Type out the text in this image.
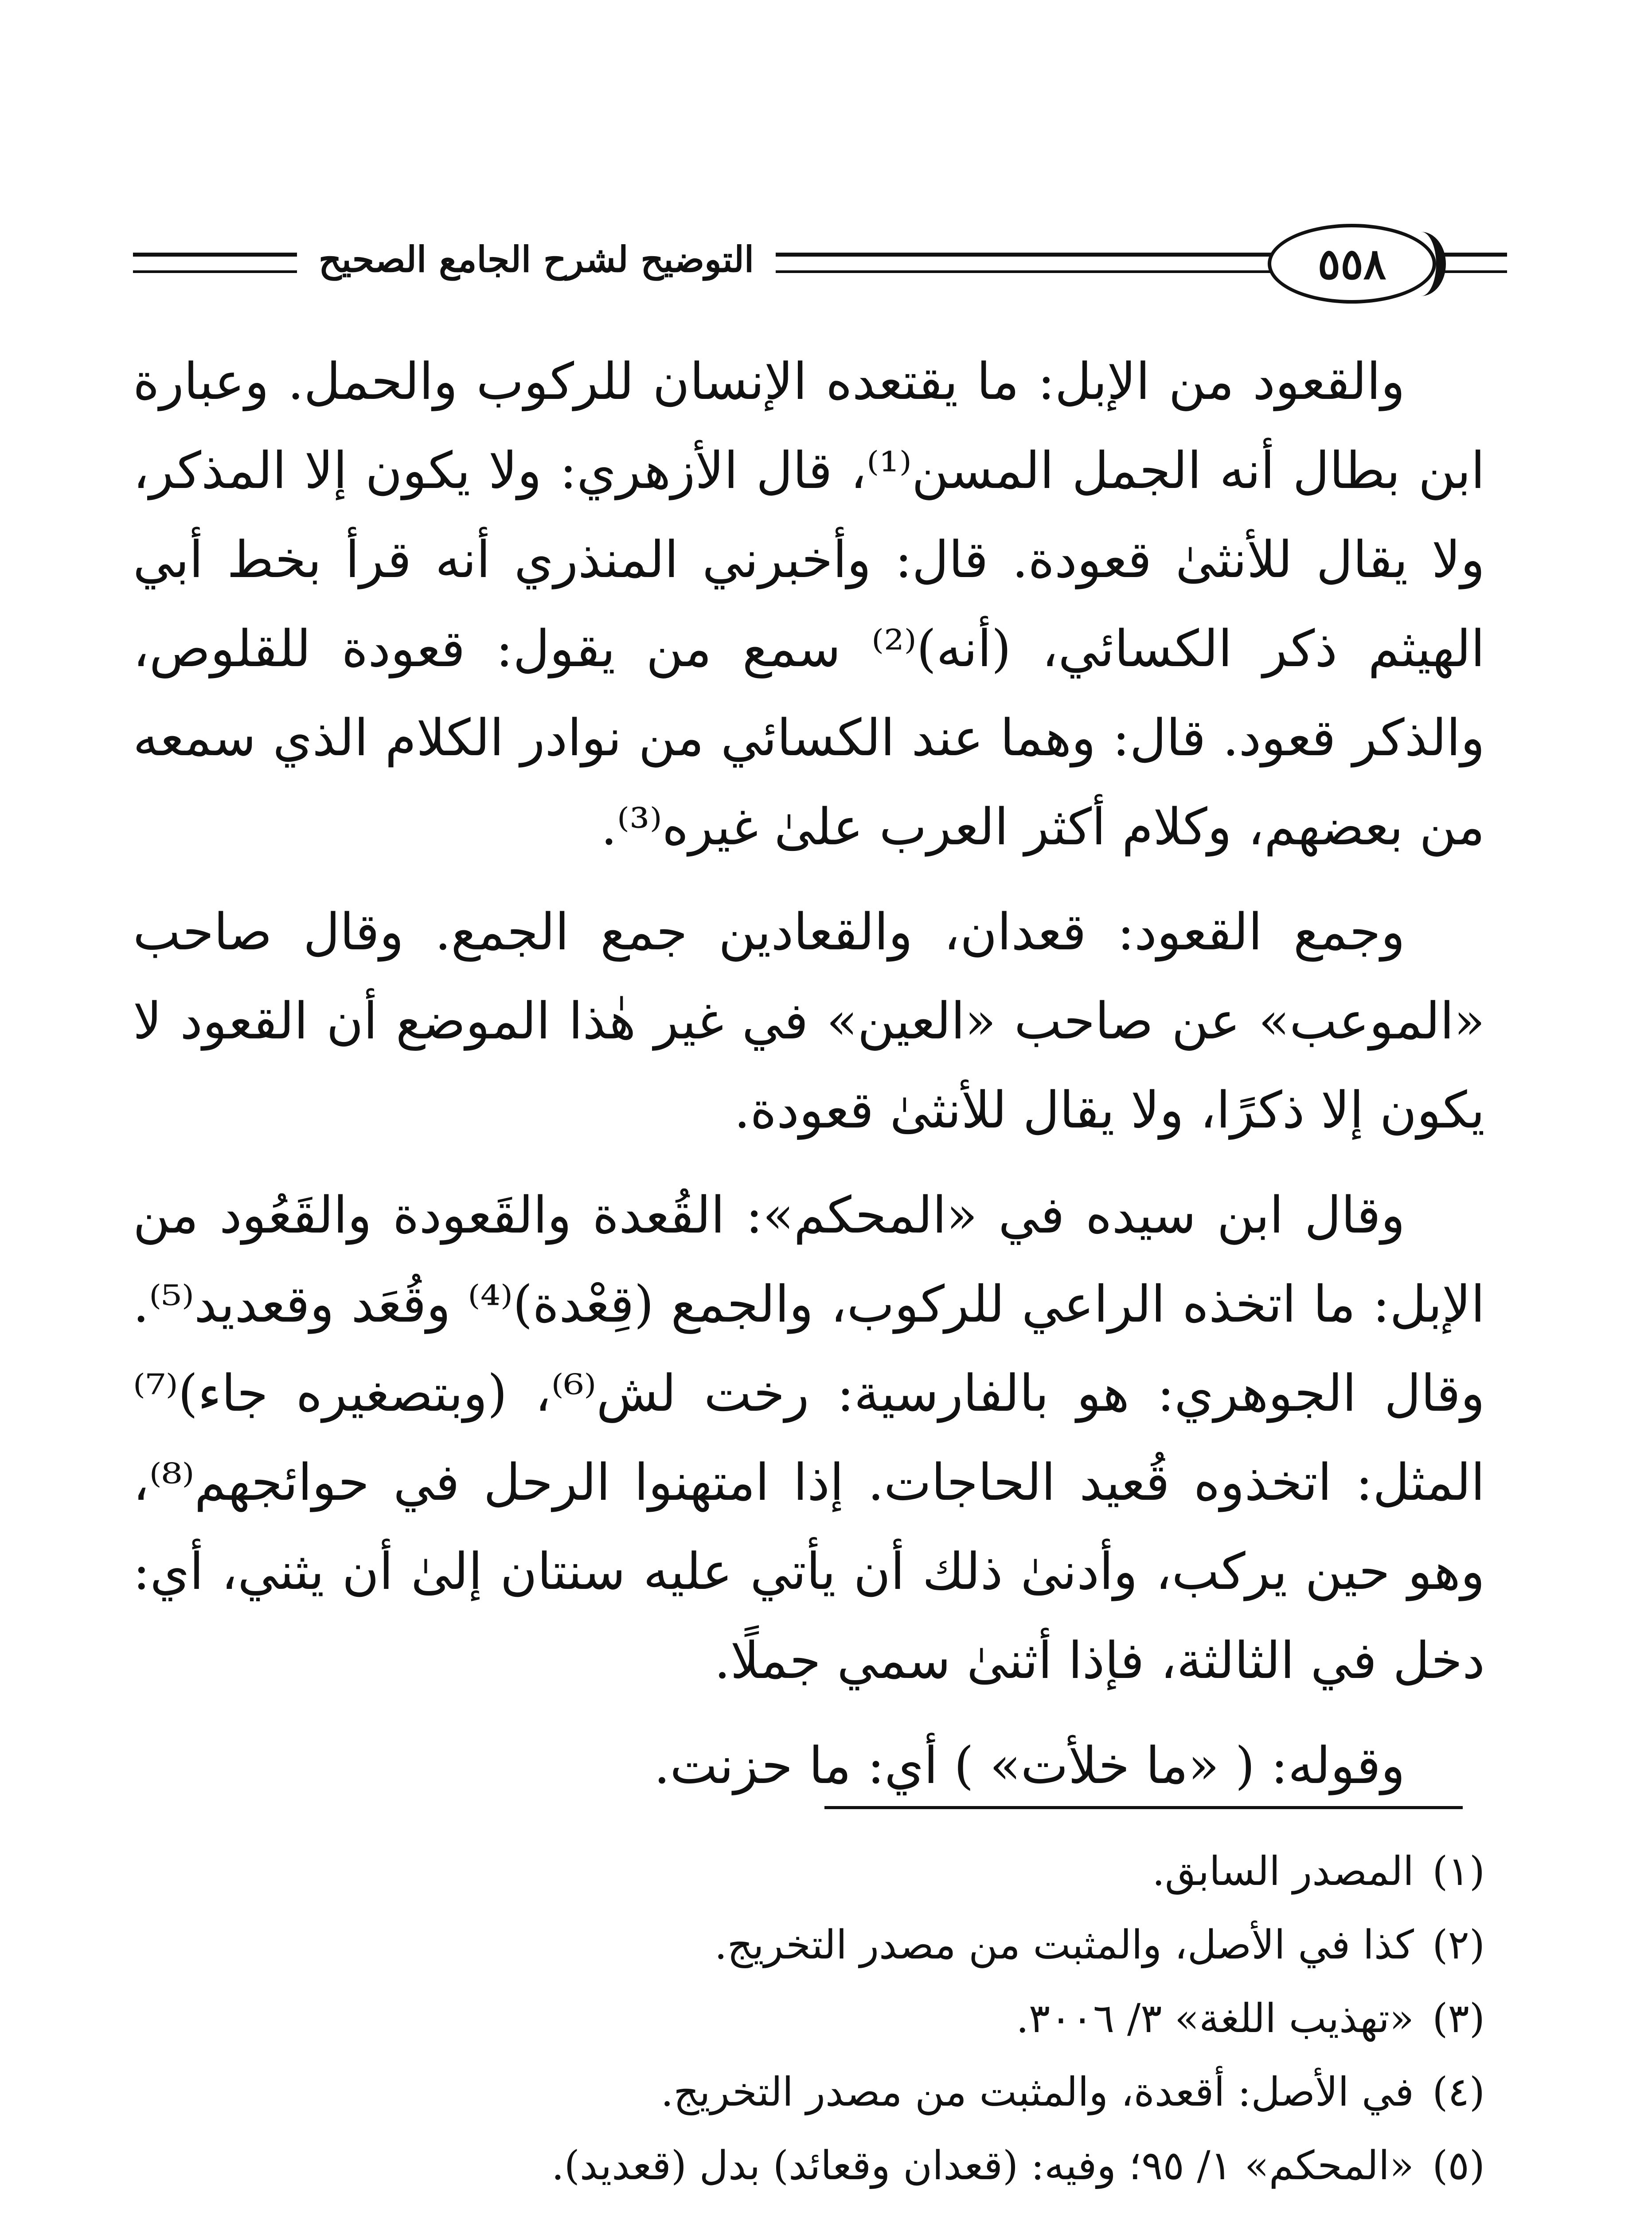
التوضيح لشرح الجامع الصحيح	٥٥٨

والقعود من الإبل: ما يقتعده الإنسان للركوب والحمل. وعبارة ابن بطال أنه الجمل المسن⁽¹⁾، قال الأزهري: ولا يكون إلا المذكر، ولا يقال للأنثىٰ قعودة. قال: وأخبرني المنذري أنه قرأ بخط أبي الهيثم ذكر الكسائي، (أنه)⁽²⁾ سمع من يقول: قعودة للقلوص، والذكر قعود. قال: وهما عند الكسائي من نوادر الكلام الذي سمعه من بعضهم، وكلام أكثر العرب علىٰ غيره⁽³⁾.

وجمع القعود: قعدان، والقعادين جمع الجمع. وقال صاحب «الموعب» عن صاحب «العين» في غير هٰذا الموضع أن القعود لا يكون إلا ذكرًا، ولا يقال للأنثىٰ قعودة.

وقال ابن سيده في «المحكم»: القُعدة والقَعودة والقَعُود من الإبل: ما اتخذه الراعي للركوب، والجمع (قِعْدة)⁽⁴⁾ وقُعَد وقعديد⁽⁵⁾. وقال الجوهري: هو بالفارسية: رخت لش⁽⁶⁾، (وبتصغيره جاء)⁽⁷⁾ المثل: اتخذوه قُعيد الحاجات. إذا امتهنوا الرحل في حوائجهم⁽⁸⁾، وهو حين يركب، وأدنىٰ ذلك أن يأتي عليه سنتان إلىٰ أن يثني، أي: دخل في الثالثة، فإذا أثنىٰ سمي جملًا.

وقوله: ( «ما خلأت» ) أي: ما حزنت.

(١)
المصدر السابق.
(٢)
كذا في الأصل، والمثبت من مصدر التخريج.
(٣)
«تهذيب اللغة» ٣/ ٣٠٠٦.
(٤)
في الأصل: أقعدة، والمثبت من مصدر التخريج.
(٥)
«المحكم» ١/ ٩٥؛ وفيه: (قعدان وقعائد) بدل (قعديد).
